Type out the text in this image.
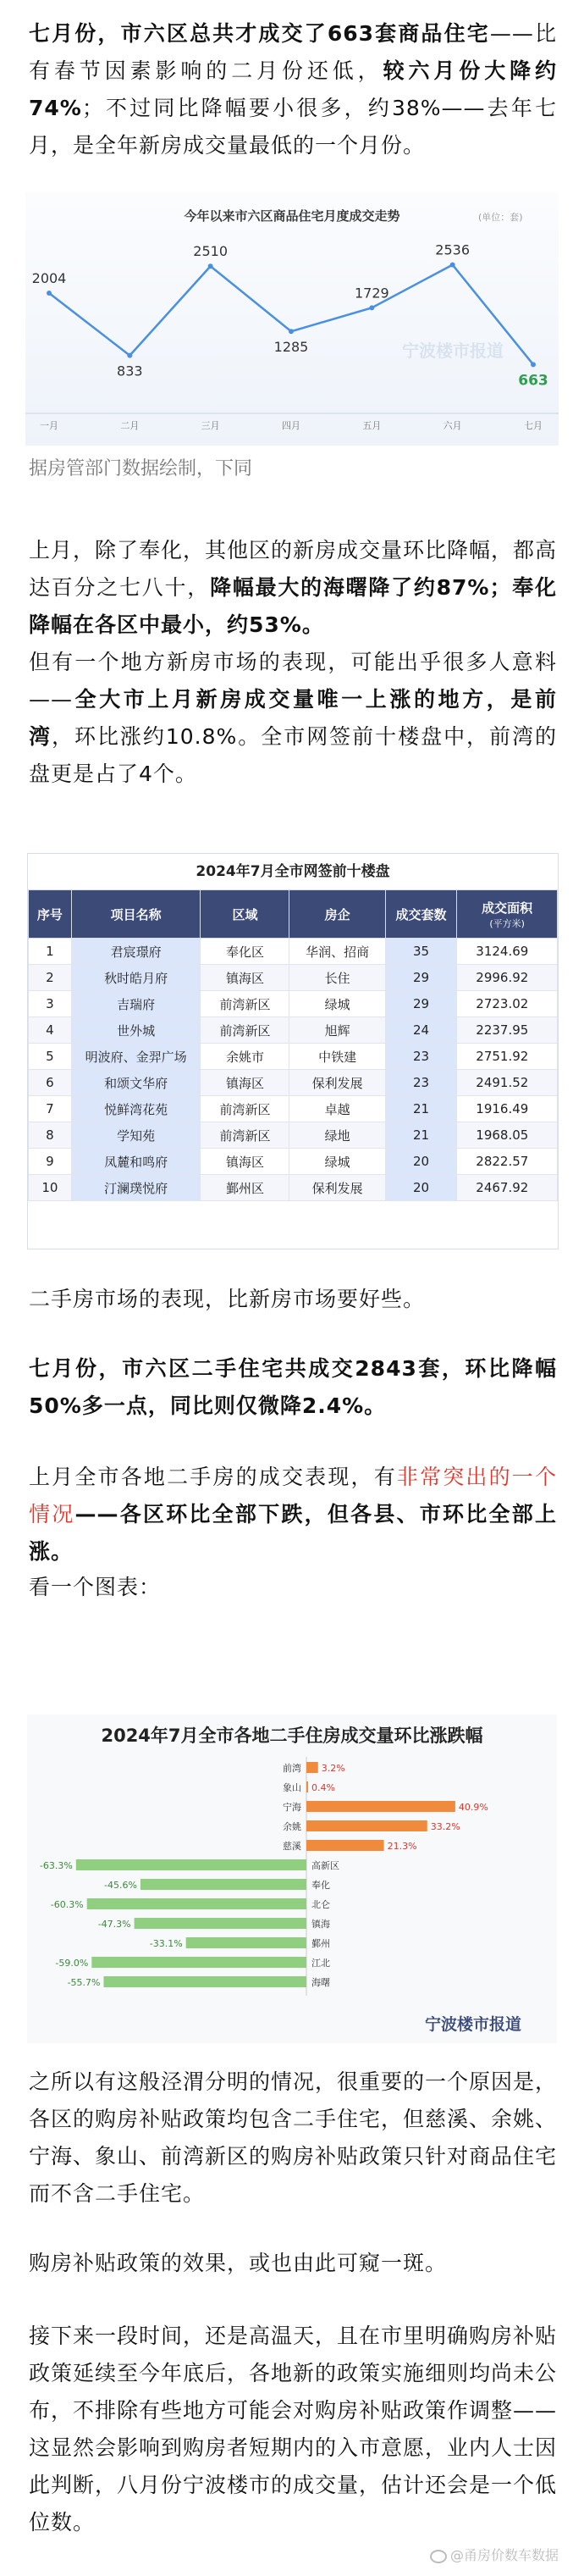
七月份，市六区总共才成交了663套商品住宅——比有春节因素影响的二月份还低，较六月份大降约74%；不过同比降幅要小很多，约38%——去年七月，是全年新房成交量最低的一个月份。

今年以来市六区商品住宅月度成交走势	(单位：套)
宁波楼市报道
2004
一月
833
二月
2510
三月
1285
四月
1729
五月
2536
六月
663
七月

据房管部门数据绘制，下同

上月，除了奉化，其他区的新房成交量环比降幅，都高达百分之七八十，降幅最大的海曙降了约87%；奉化降幅在各区中最小，约53%。

但有一个地方新房市场的表现，可能出乎很多人意料——全大市上月新房成交量唯一上涨的地方，是前湾，环比涨约10.8%。全市网签前十楼盘中，前湾的盘更是占了4个。

2024年7月全市网签前十楼盘
序号	项目名称	区域	房企	成交套数	成交面积
(平方米)

1	君宸璟府	奉化区	华润、招商	35	3124.69
2	秋时皓月府	镇海区	长住	29	2996.92
3	吉瑞府	前湾新区	绿城	29	2723.02
4	世外城	前湾新区	旭辉	24	2237.95
5	明波府、金羿广场	余姚市	中铁建	23	2751.92
6	和颂文华府	镇海区	保利发展	23	2491.52
7	悦鲜湾花苑	前湾新区	卓越	21	1916.49
8	学知苑	前湾新区	绿地	21	1968.05
9	凤麓和鸣府	镇海区	绿城	20	2822.57
10	汀澜璞悦府	鄞州区	保利发展	20	2467.92

二手房市场的表现，比新房市场要好些。

七月份，市六区二手住宅共成交2843套，环比降幅50%多一点，同比则仅微降2.4%。

上月全市各地二手房的成交表现，有非常突出的一个情况——各区环比全部下跌，但各县、市环比全部上涨。

看一个图表：

2024年7月全市各地二手住房成交量环比涨跌幅
宁波楼市报道
前湾 3.2%
象山 0.4%
宁海	40.9%
余姚	33.2%
慈溪	21.3%
高新区
-63.3%
奉化
-45.6%
北仑
-60.3%
镇海
-47.3%
鄞州
-33.1%
江北
-59.0%
海曙
-55.7%

之所以有这般泾渭分明的情况，很重要的一个原因是，各区的购房补贴政策均包含二手住宅，但慈溪、余姚、宁海、象山、前湾新区的购房补贴政策只针对商品住宅而不含二手住宅。

购房补贴政策的效果，或也由此可窥一斑。

接下来一段时间，还是高温天，且在市里明确购房补贴政策延续至今年底后，各地新的政策实施细则均尚未公布，不排除有些地方可能会对购房补贴政策作调整——这显然会影响到购房者短期内的入市意愿，业内人士因此判断，八月份宁波楼市的成交量，估计还会是一个低位数。

@甬房价数车数据
